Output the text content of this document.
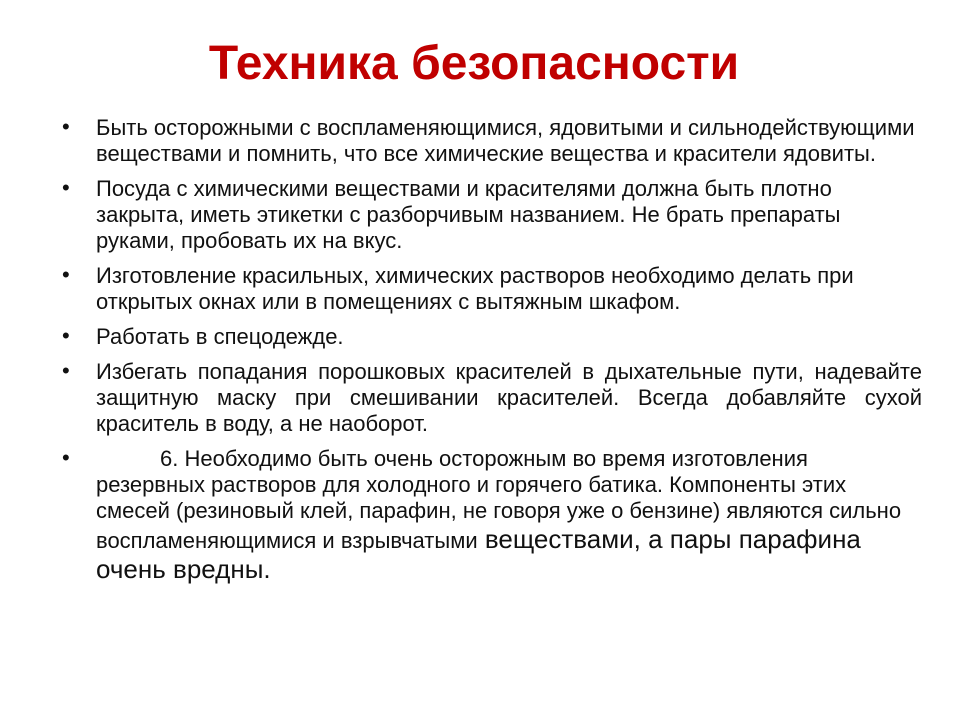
Техника безопасности
• Быть осторожными с воспламеняющимися, ядовитыми и сильнодействующими веществами и помнить, что все химические вещества и красители ядовиты.
• Посуда с химическими веществами и красителями должна быть плотно закрыта, иметь этикетки с разборчивым названием. Не брать препараты руками, пробовать их на вкус.
• Изготовление красильных, химических растворов необходимо делать при открытых окнах или в помещениях с вытяжным шкафом.
• Работать в спецодежде.
• Избегать попадания порошковых красителей в дыхательные пути, надевайте защитную маску при смешивании красителей. Всегда добавляйте сухой краситель в воду, а не наоборот.
•	6. Необходимо быть очень осторожным во время изготовления резервных растворов для холодного и горячего батика. Компоненты этих смесей (резиновый клей, парафин, не говоря уже о бензине) являются сильно воспламеняющимися и взрывчатыми веществами, а пары парафина очень вредны.
